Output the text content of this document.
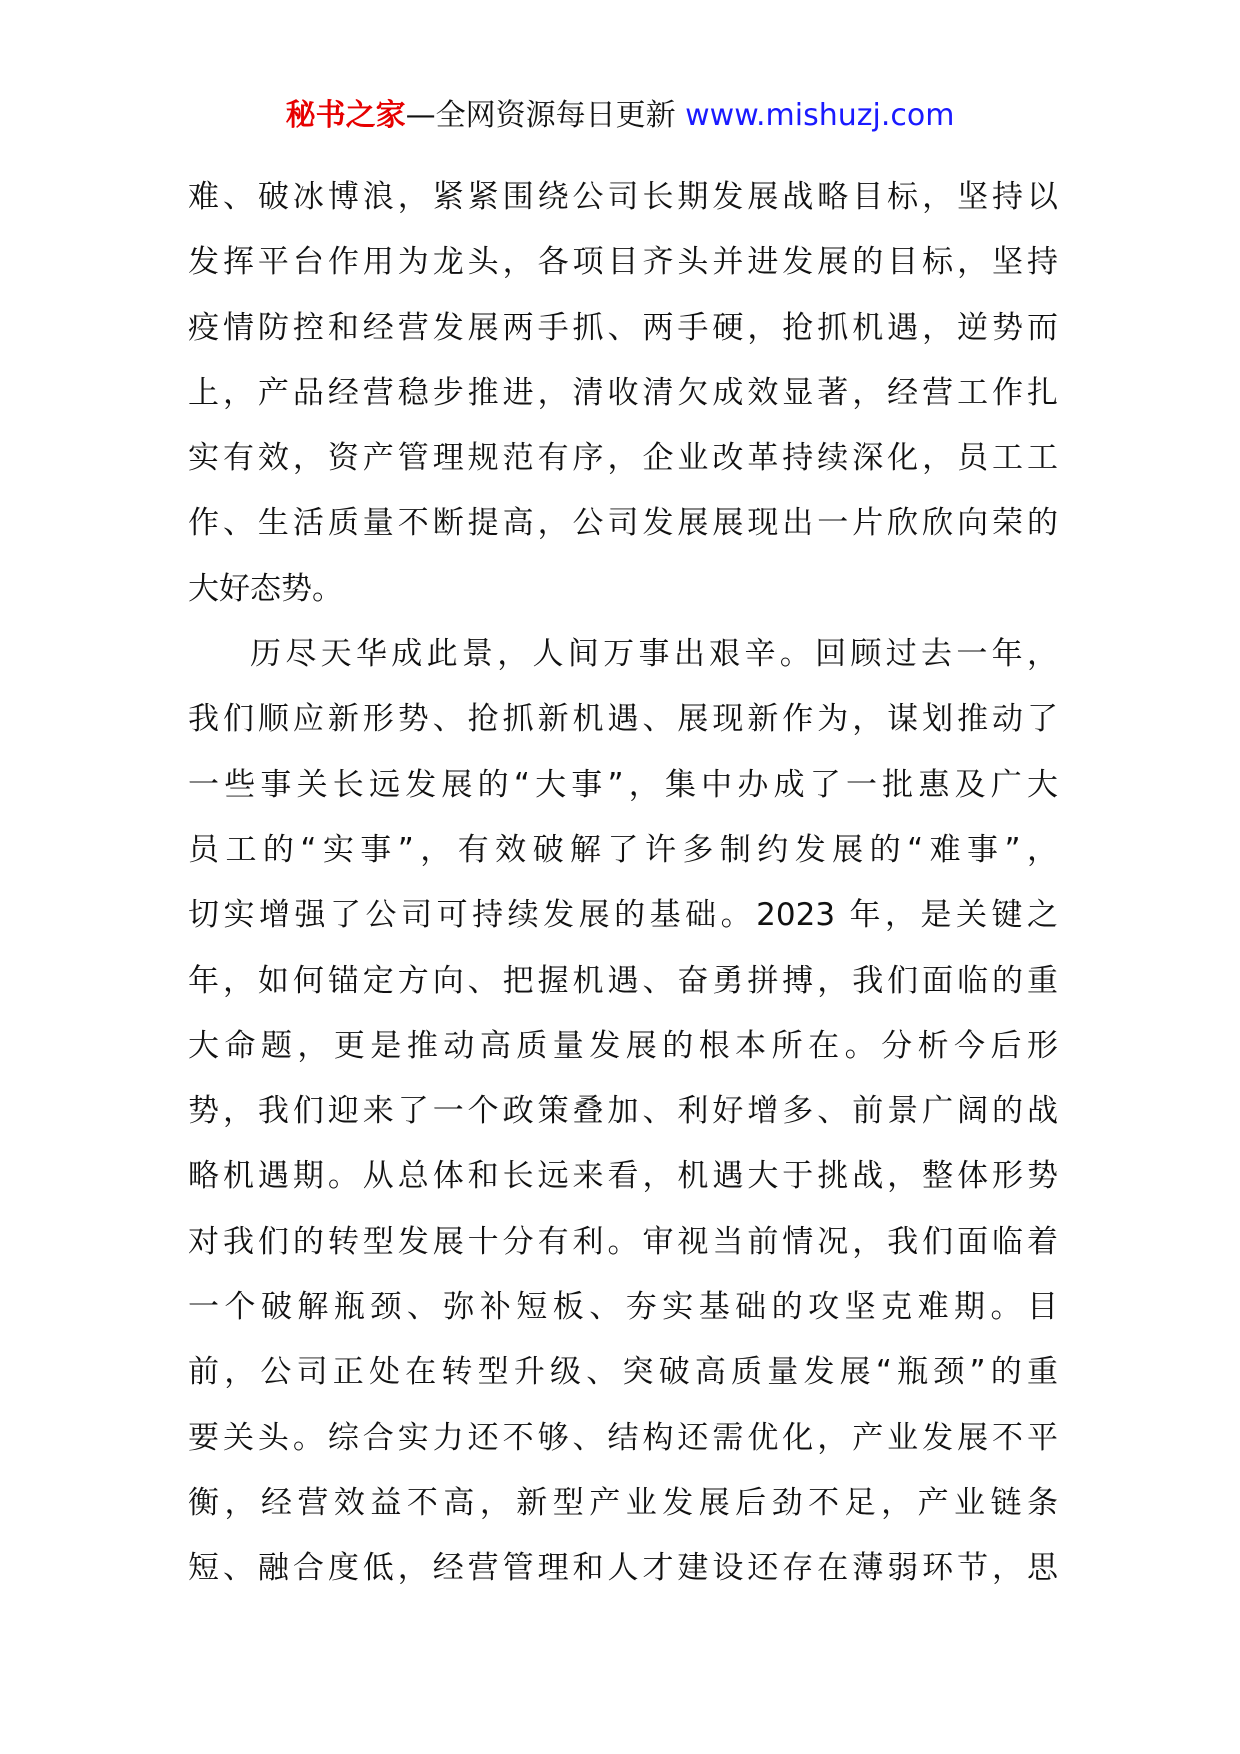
秘书之家—全网资源每日更新 www.mishuzj.com
难、破冰博浪，紧紧围绕公司长期发展战略目标，坚持以
发挥平台作用为龙头，各项目齐头并进发展的目标，坚持
疫情防控和经营发展两手抓、两手硬，抢抓机遇，逆势而
上，产品经营稳步推进，清收清欠成效显著，经营工作扎
实有效，资产管理规范有序，企业改革持续深化，员工工
作、生活质量不断提高，公司发展展现出一片欣欣向荣的
大好态势。
历尽天华成此景，人间万事出艰辛。回顾过去一年，
我们顺应新形势、抢抓新机遇、展现新作为，谋划推动了
一些事关长远发展的“大事”，集中办成了一批惠及广大
员工的“实事”，有效破解了许多制约发展的“难事”，
切实增强了公司可持续发展的基础。2023 年，是关键之
年，如何锚定方向、把握机遇、奋勇拼搏，我们面临的重
大命题，更是推动高质量发展的根本所在。分析今后形
势，我们迎来了一个政策叠加、利好增多、前景广阔的战
略机遇期。从总体和长远来看，机遇大于挑战，整体形势
对我们的转型发展十分有利。审视当前情况，我们面临着
一个破解瓶颈、弥补短板、夯实基础的攻坚克难期。目
前，公司正处在转型升级、突破高质量发展“瓶颈”的重
要关头。综合实力还不够、结构还需优化，产业发展不平
衡，经营效益不高，新型产业发展后劲不足，产业链条
短、融合度低，经营管理和人才建设还存在薄弱环节，思
